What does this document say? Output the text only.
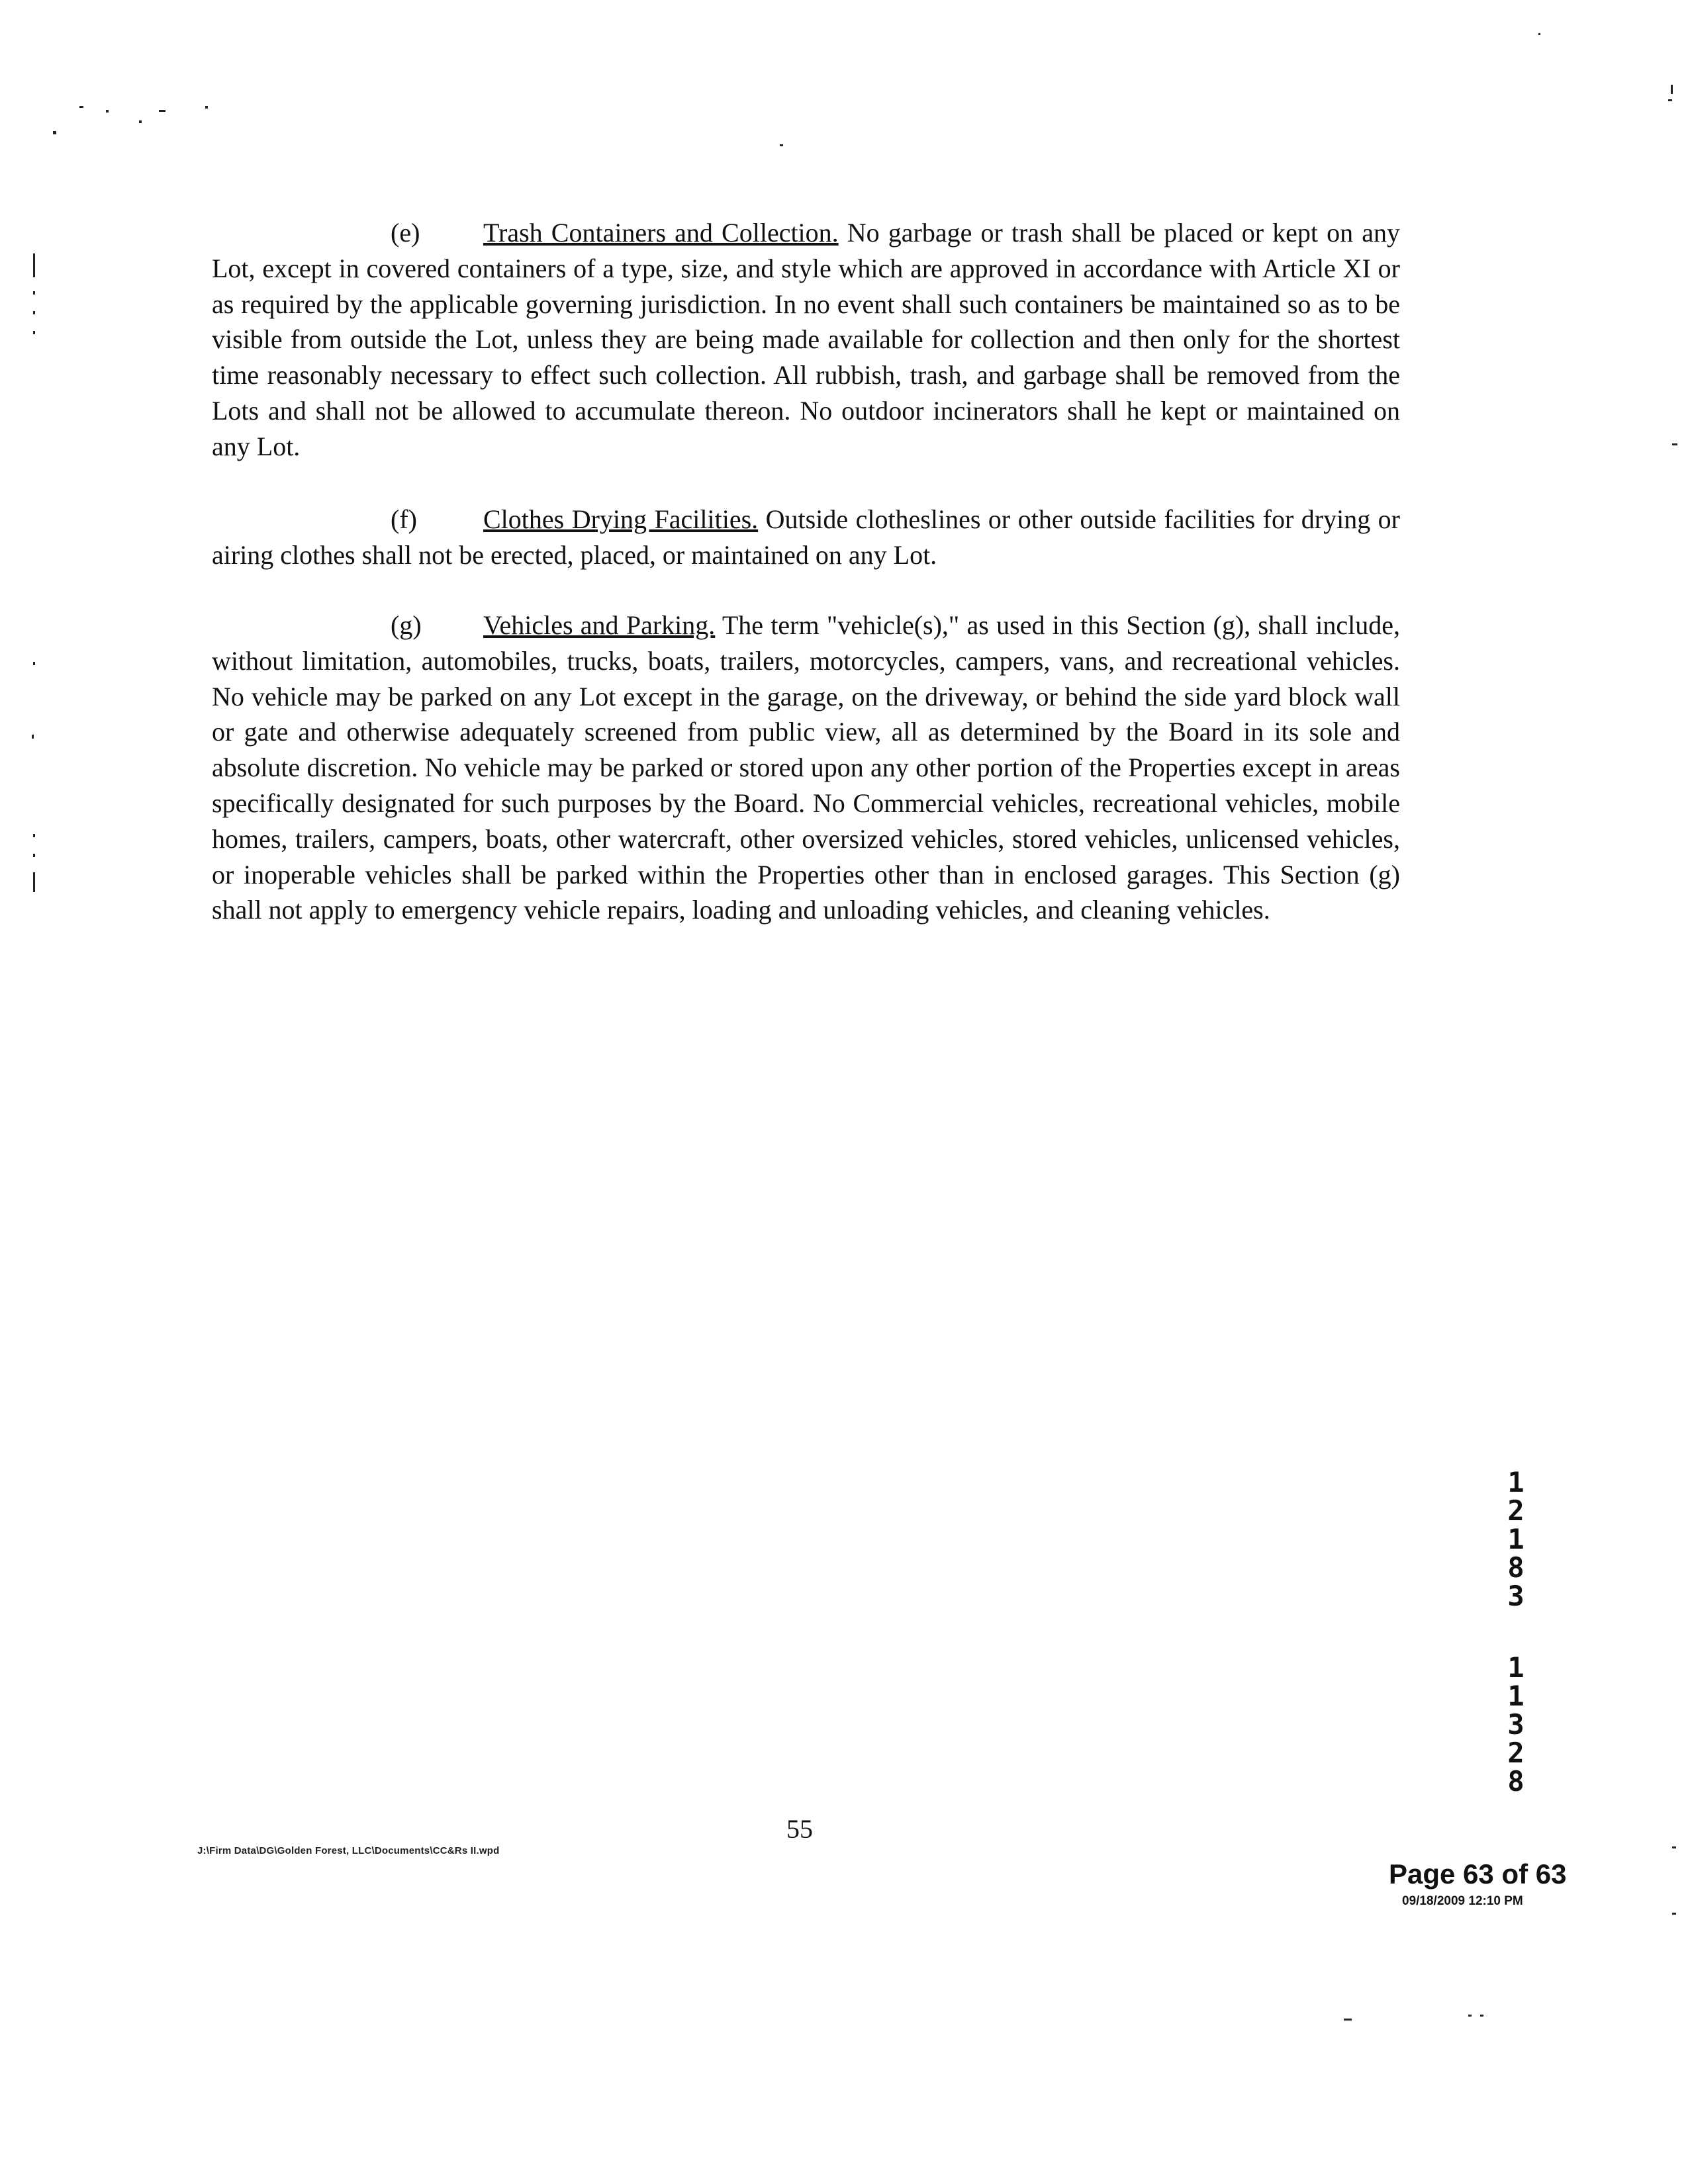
(e) Trash Containers and Collection. No garbage or trash shall be placed or kept on any Lot, except in covered containers of a type, size, and style which are approved in accordance with Article XI or as required by the applicable governing jurisdiction. In no event shall such containers be maintained so as to be visible from outside the Lot, unless they are being made available for collection and then only for the shortest time reasonably necessary to effect such collection. All rubbish, trash, and garbage shall be removed from the Lots and shall not be allowed to accumulate thereon. No outdoor incinerators shall he kept or maintained on any Lot.

(f)	Clothes Drying Facilities. Outside clotheslines or other outside facilities for drying or airing clothes shall not be erected, placed, or maintained on any Lot.

(g) Vehicles and Parking. The term "vehicle(s)," as used in this Section (g), shall include, without limitation, automobiles, trucks, boats, trailers, motorcycles, campers, vans, and recreational vehicles. No vehicle may be parked on any Lot except in the garage, on the driveway, or behind the side yard block wall or gate and otherwise adequately screened from public view, all as determined by the Board in its sole and absolute discretion. No vehicle may be parked or stored upon any other portion of the Properties except in areas specifically designated for such purposes by the Board. No Commercial vehicles, recreational vehicles, mobile homes, trailers, campers, boats, other watercraft, other oversized vehicles, stored vehicles, unlicensed vehicles, or inoperable vehicles shall be parked within the Properties other than in enclosed garages. This Section (g) shall not apply to emergency vehicle repairs, loading and unloading vehicles, and cleaning vehicles.

55
J:\Firm Data\DG\Golden Forest, LLC\Documents\CC&Rs II.wpd
Page 63 of 63
09/18/2009 12:10 PM
12183
11328
